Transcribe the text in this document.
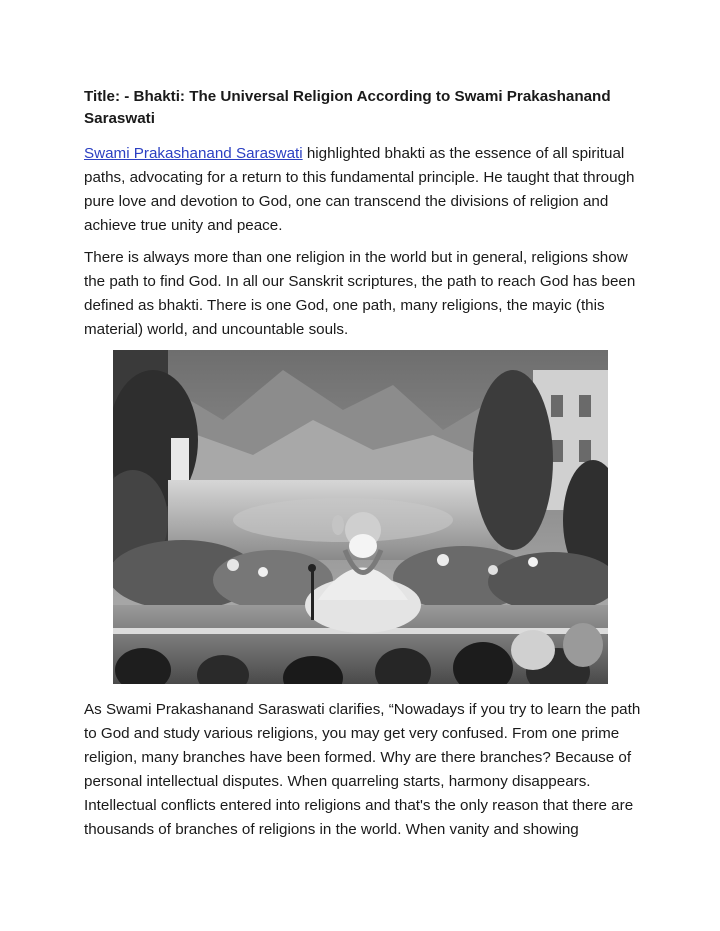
Title: - Bhakti: The Universal Religion According to Swami Prakashanand Saraswati

Swami Prakashanand Saraswati highlighted bhakti as the essence of all spiritual paths, advocating for a return to this fundamental principle. He taught that through pure love and devotion to God, one can transcend the divisions of religion and achieve true unity and peace.

There is always more than one religion in the world but in general, religions show the path to find God. In all our Sanskrit scriptures, the path to reach God has been defined as bhakti. There is one God, one path, many religions, the mayic (this material) world, and uncountable souls.

As Swami Prakashanand Saraswati clarifies, “Nowadays if you try to learn the path to God and study various religions, you may get very confused. From one prime religion, many branches have been formed. Why are there branches? Because of personal intellectual disputes. When quarreling starts, harmony disappears. Intellectual conflicts entered into religions and that's the only reason that there are thousands of branches of religions in the world. When vanity and showing
